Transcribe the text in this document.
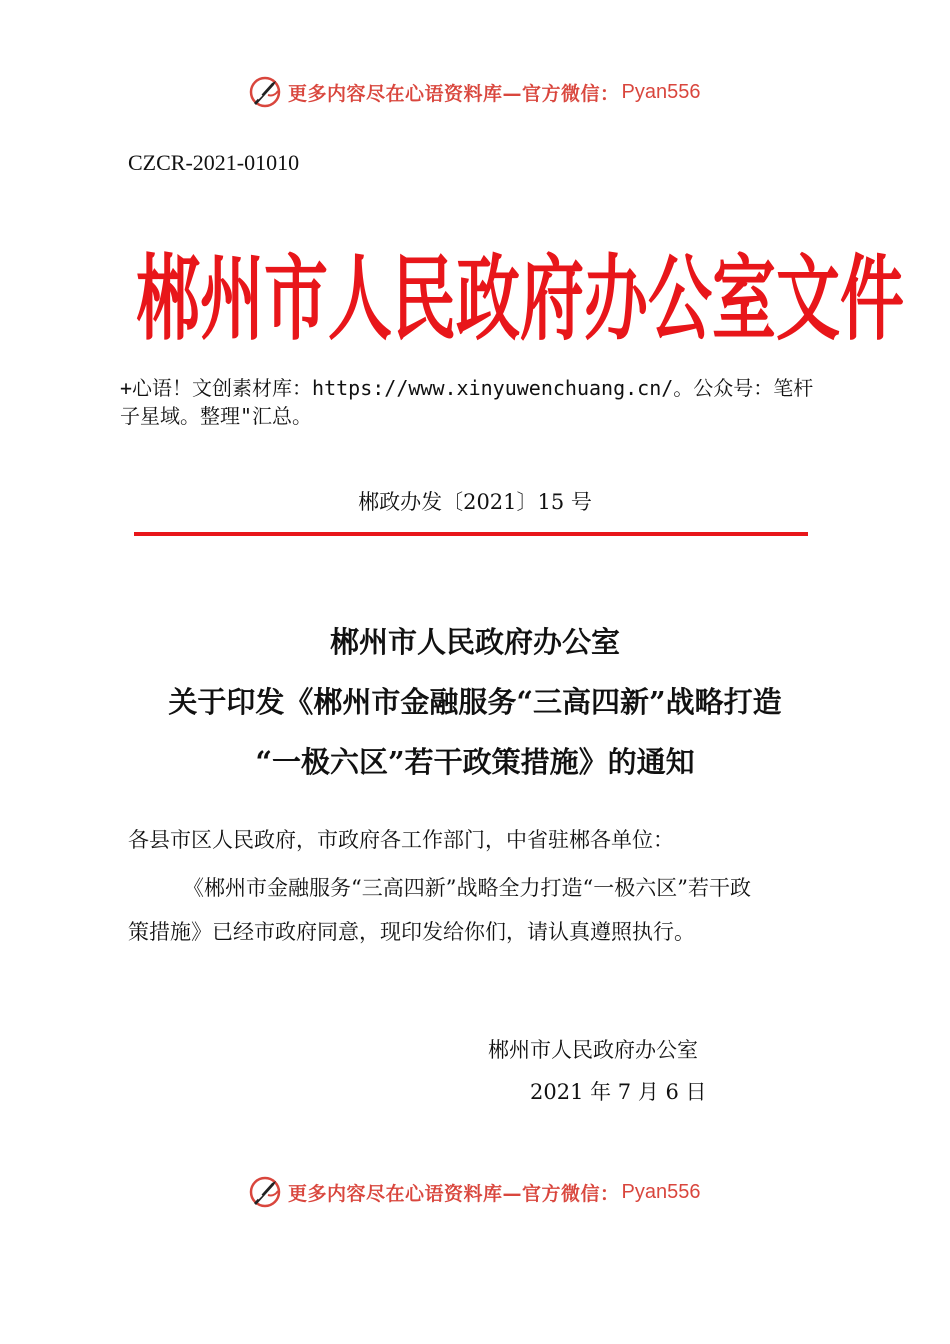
更多内容尽在心语资料库—官方微信： Pyan556
CZCR-2021-01010
郴州市人民政府办公室文件
+心语！文创素材库：https://www.xinyuwenchuang.cn/。公众号：笔杆
子星域。整理"汇总。
郴政办发〔2021〕15 号
郴州市人民政府办公室
关于印发《郴州市金融服务“三高四新”战略打造
“一极六区”若干政策措施》的通知
各县市区人民政府，市政府各工作部门，中省驻郴各单位：
《郴州市金融服务“三高四新”战略全力打造“一极六区”若干政
策措施》已经市政府同意，现印发给你们，请认真遵照执行。
郴州市人民政府办公室
2021 年 7 月 6 日
更多内容尽在心语资料库—官方微信： Pyan556
